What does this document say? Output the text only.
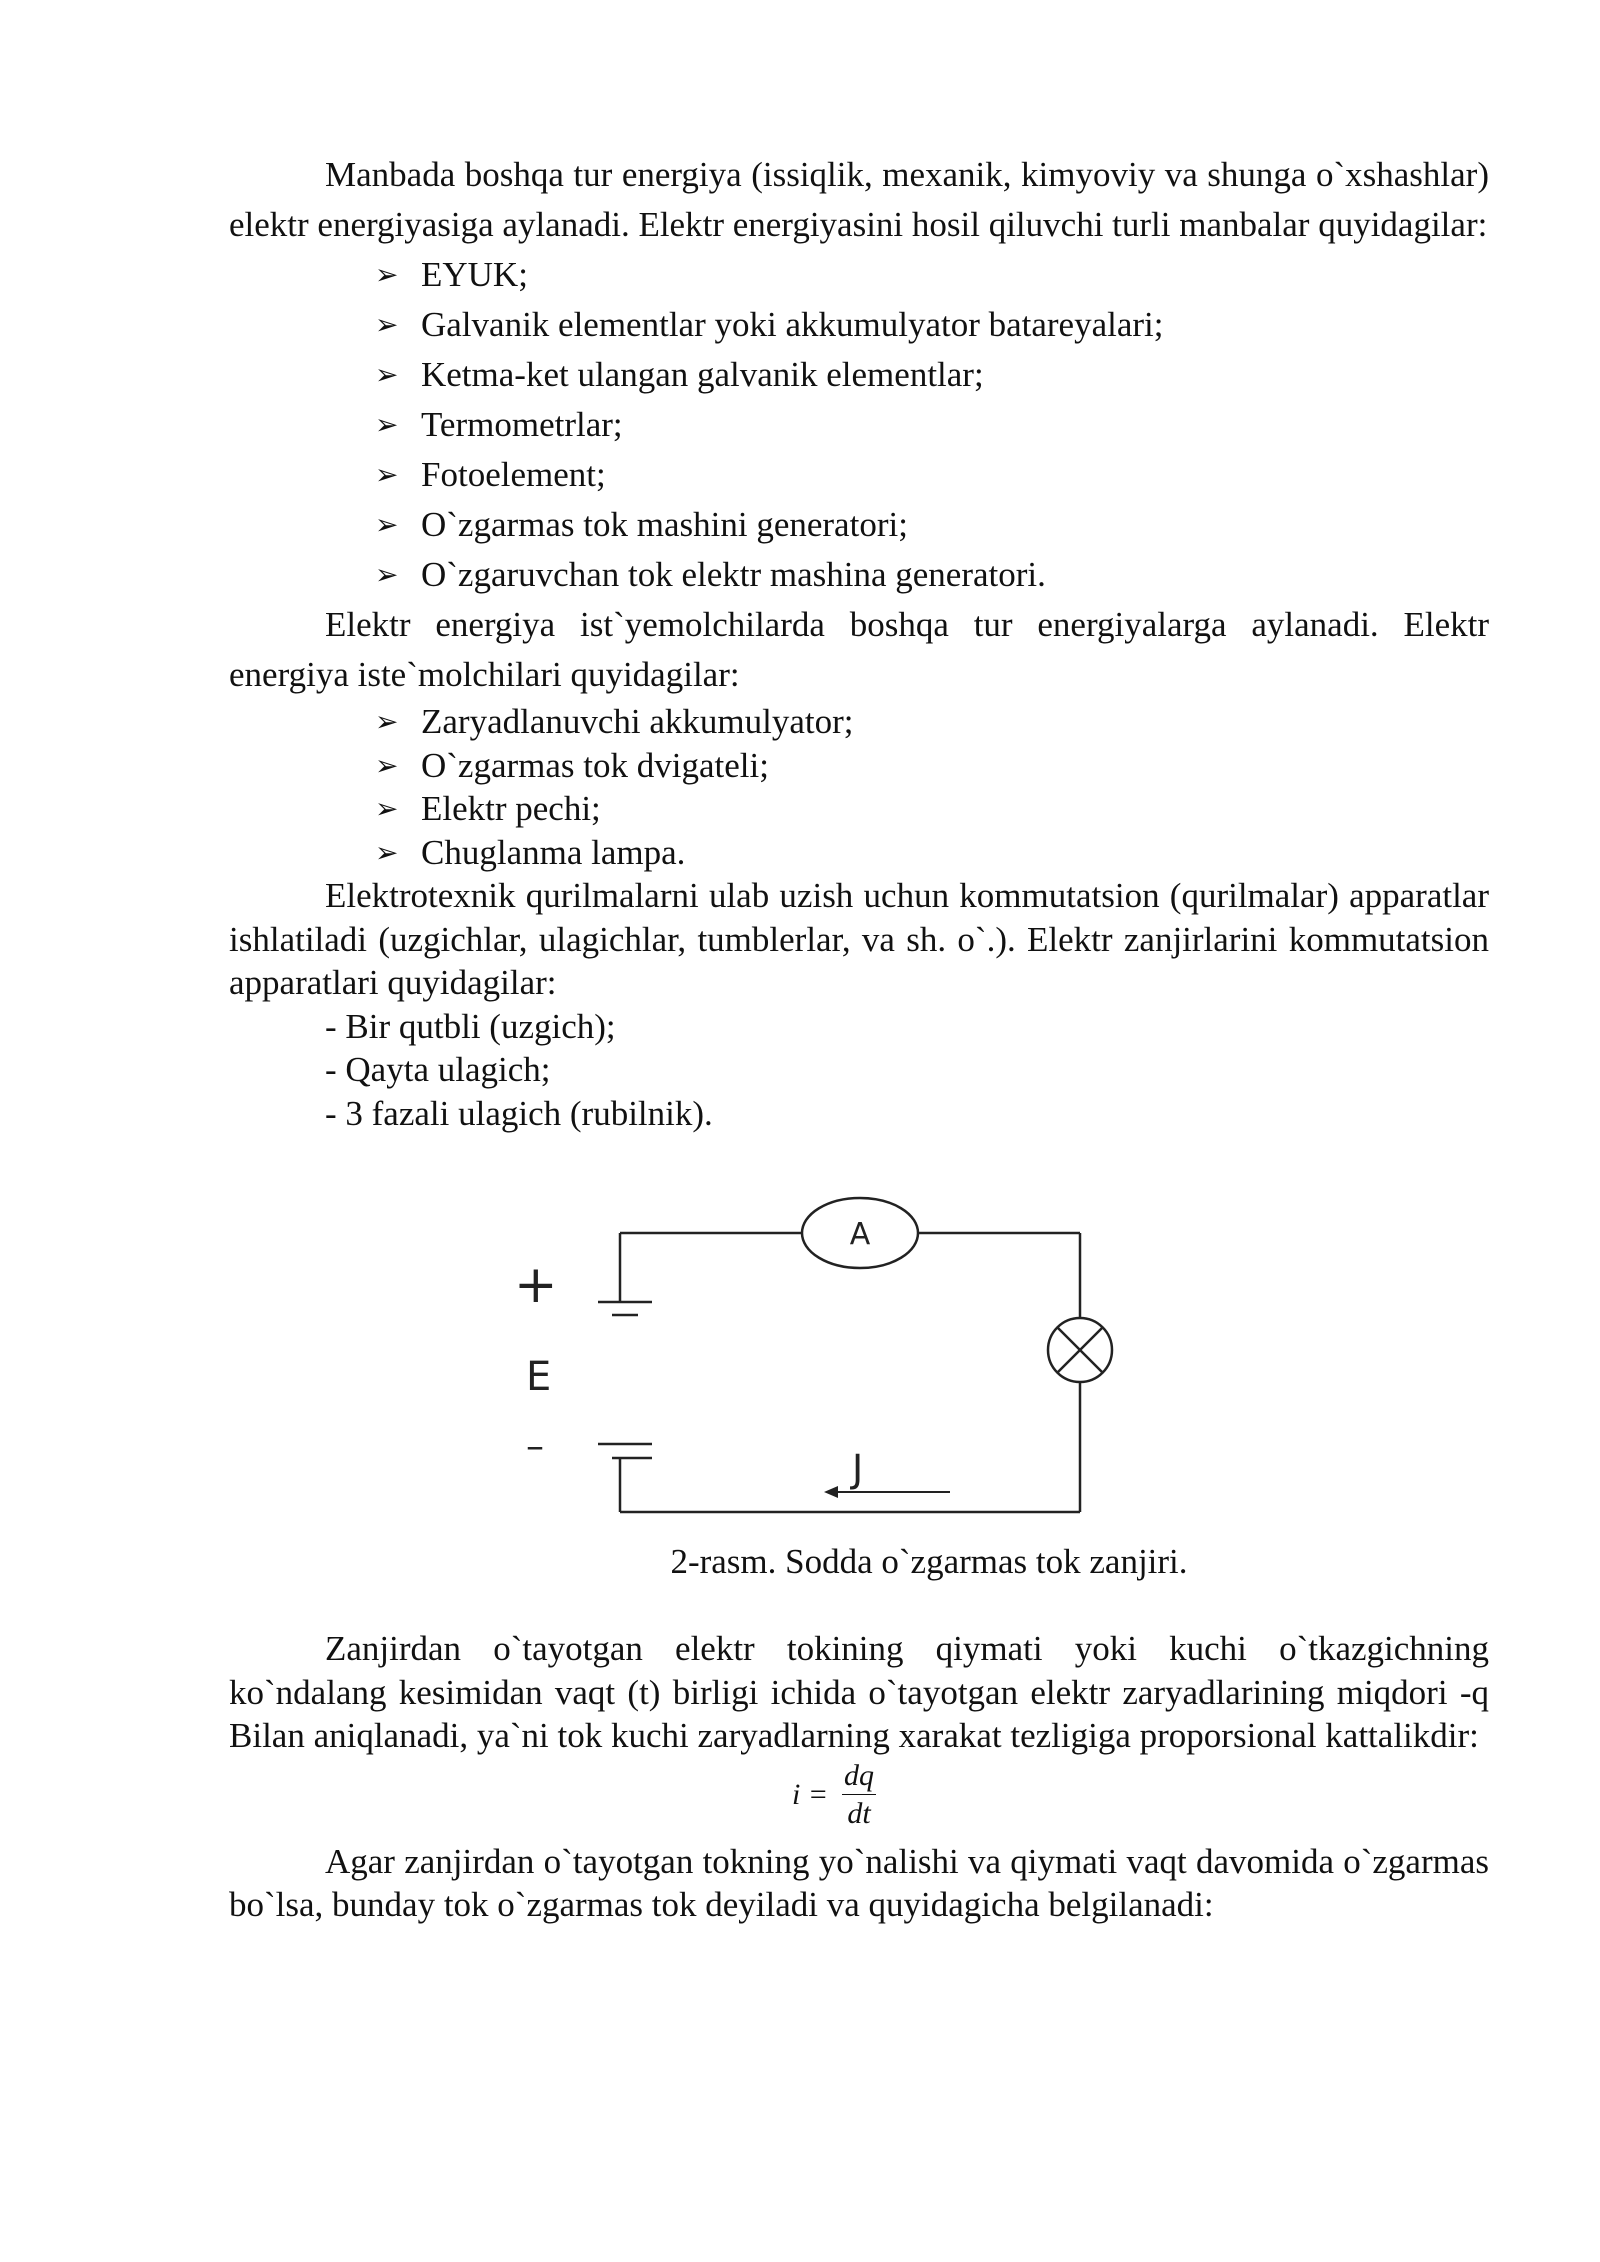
Manbada boshqa tur energiya (issiqlik, mexanik, kimyoviy va shunga o`xshashlar) elektr energiyasiga aylanadi. Elektr energiyasini hosil qiluvchi turli manbalar quyidagilar:

➢ EYUK;
➢ Galvanik elementlar yoki akkumulyator batareyalari;
➢ Ketma-ket ulangan galvanik elementlar;
➢ Termometrlar;
➢ Fotoelement;
➢ O`zgarmas tok mashini generatori;
➢ O`zgaruvchan tok elektr mashina generatori.

Elektr energiya ist`yemolchilarda boshqa tur energiyalarga aylanadi. Elektr energiya iste`molchilari quyidagilar:

➢ Zaryadlanuvchi akkumulyator;
➢ O`zgarmas tok dvigateli;
➢ Elektr pechi;
➢ Chuglanma lampa.

Elektrotexnik qurilmalarni ulab uzish uchun kommutatsion (qurilmalar) apparatlar ishlatiladi (uzgichlar, ulagichlar, tumblerlar, va sh. o`.). Elektr zanjirlarini kommutatsion apparatlari quyidagilar:

- Bir qutbli (uzgich);
- Qayta ulagich;
- 3 fazali ulagich (rubilnik).
A
+
E
–
J

2-rasm. Sodda o`zgarmas tok zanjiri.

Zanjirdan o`tayotgan elektr tokining qiymati yoki kuchi o`tkazgichning ko`ndalang kesimidan vaqt (t) birligi ichida o`tayotgan elektr zaryadlarining miqdori -q Bilan aniqlanadi, ya`ni tok kuchi zaryadlarning xarakat tezligiga proporsional kattalikdir:

i =
dq
dt

Agar zanjirdan o`tayotgan tokning yo`nalishi va qiymati vaqt davomida o`zgarmas bo`lsa, bunday tok o`zgarmas tok deyiladi va quyidagicha belgilanadi:
